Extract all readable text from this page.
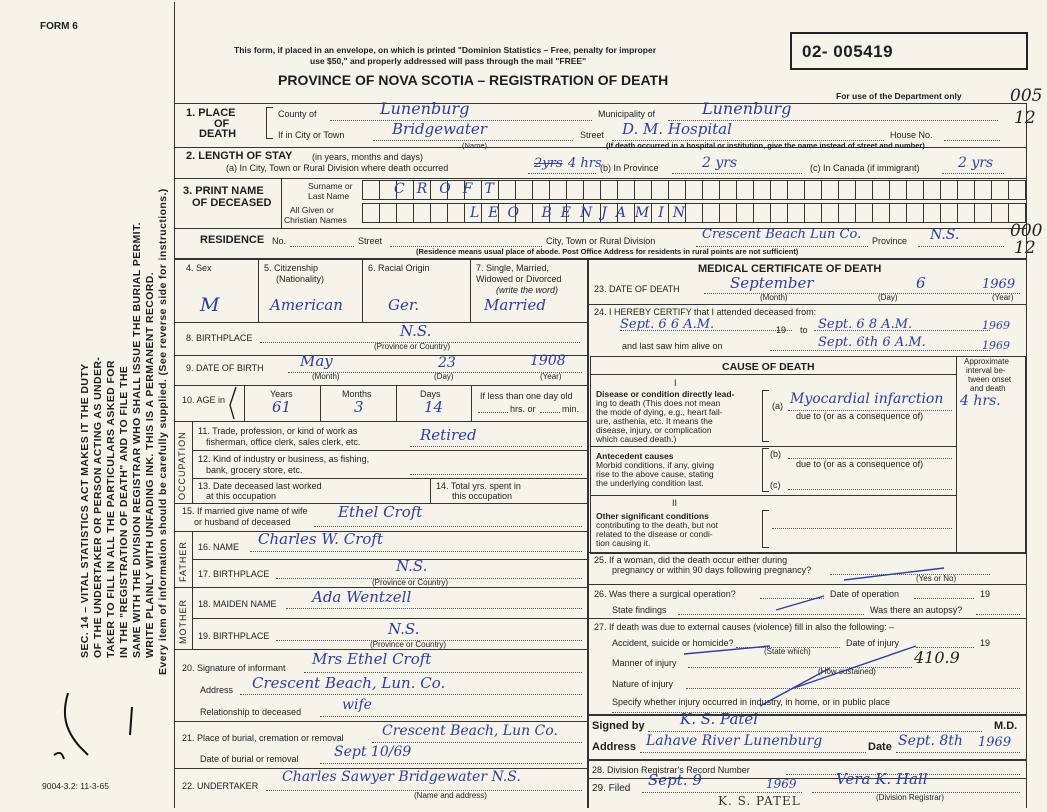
FORM 6
This form, if placed in an envelope, on which is printed "Dominion Statistics – Free, penalty for improper
use $50," and properly addressed will pass through the mail "FREE"
PROVINCE OF NOVA SCOTIA – REGISTRATION OF DEATH
02- 005419
For use of the Department only	005
12
12
000
SEC. 14 – VITAL STATISTICS ACT MAKES IT THE DUTY OF THE UNDERTAKER OR PERSON ACTING AS UNDER- TAKER TO FILL IN ALL THE PARTICULARS ASKED FOR IN THE "REGISTRATION OF DEATH" AND TO FILE THE SAME WITH THE DIVISION REGISTRAR WHO SHALL ISSUE THE BURIAL PERMIT. WRITE PLAINLY WITH UNFADING INK. THIS IS A PERMANENT RECORD. Every item of information should be carefully supplied. (See reverse side for instructions.)
9004-3.2: 11-3-65
1. PLACE
OF
DEATH
County of	Lunenburg	Municipality of	Lunenburg
If in City or Town	Bridgewater
(Name)
Street D. M. Hospital	House No.
(If death occurred in a hospital or institution, give the name instead of street and number)
2. LENGTH OF STAY (in years, months and days)
(a) In City, Town or Rural Division where death occurred	2yrs 4 hrs
(b) In Province	2 yrs	(c) In Canada (if immigrant)	2 yrs
3. PRINT NAME
OF DECEASED
Surname or
Last Name
All Given or
Christian Names
CROFT
LEO BENJAMIN
RESIDENCE No.	Street	City, Town or Rural Division	Crescent Beach Lun Co. Province N.S.
(Residence means usual place of abode. Post Office Address for residents in rural points are not sufficient)
4. Sex
M
5. Citizenship
(Nationality)
American
6. Racial Origin
Ger.
7. Single, Married,
Widowed or Divorced
(write the word)
Married
8. BIRTHPLACE	N.S.
(Province or Country)
9. DATE OF BIRTH May	23	1908
(Month)	(Day)	(Year)
10. AGE in
Years	Months	Days
61	3	14
If less than one day old
hrs. or	min.
OCCUPATION
11. Trade, profession, or kind of work as
fisherman, office clerk, sales clerk, etc.	Retired
12. Kind of industry or business, as fishing,
bank, grocery store, etc.
13. Date deceased last worked
at this occupation
14. Total yrs. spent in
this occupation
15. If married give name of wife
or husband of deceased
Ethel Croft
FATHER 16. NAME Charles W. Croft
17. BIRTHPLACE	N.S.
(Province or Country)
MOTHER 18. MAIDEN NAME Ada Wentzell
19. BIRTHPLACE	N.S.
(Province or Country)
20. Signature of informant Mrs Ethel Croft
Address Crescent Beach, Lun. Co.
Relationship to deceased	wife
21. Place of burial, cremation or removal	Crescent Beach, Lun Co.
Date of burial or removal	Sept 10/69
22. UNDERTAKER
Charles Sawyer Bridgewater N.S.
(Name and address)
MEDICAL CERTIFICATE OF DEATH
23. DATE OF DEATH	September	6	1969
(Month)	(Day)	(Year)
24. I HEREBY CERTIFY that I attended deceased from:
Sept. 6 6 A.M.	19 to Sept. 6 8 A.M.	1969
and last saw him alive on	Sept. 6th 6 A.M.	1969
CAUSE OF DEATH	Approximate
interval be-
tween onset
and death
I
Disease or condition directly lead-
ing to death (This does not mean
the mode of dying, e.g., heart fail-
ure, asthenia, etc. It means the
disease, injury, or complication
which caused death.)
(a) Myocardial infarction 4 hrs.
due to (or as a consequence of)
Antecedent causes
Morbid conditions, if any, giving
rise to the above cause, stating
the underlying condition last.
(b)
due to (or as a consequence of)
(c)
II
Other significant conditions
contributing to the death, but not
related to the disease or condi-
tion causing it.
25. If a woman, did the death occur either during
pregnancy or within 90 days following pregnancy?
(Yes or No)
26. Was there a surgical operation?	Date of operation	19
State findings	Was there an autopsy?
27. If death was due to external causes (violence) fill in also the following: –
Accident, suicide or homicide?
(State which)
Date of injury	19
410.9
Manner of injury
(How sustained)
Nature of injury
Specify whether injury occurred in industry, in home, or in public place
Signed by K. S. Patel	M.D.
Address Lahave River Lunenburg	Date Sept. 8th 1969
28. Division Registrar's Record Number
29. Filed Sept. 9	1969	Vera K. Hall
(Division Registrar)
K. S. PATEL
